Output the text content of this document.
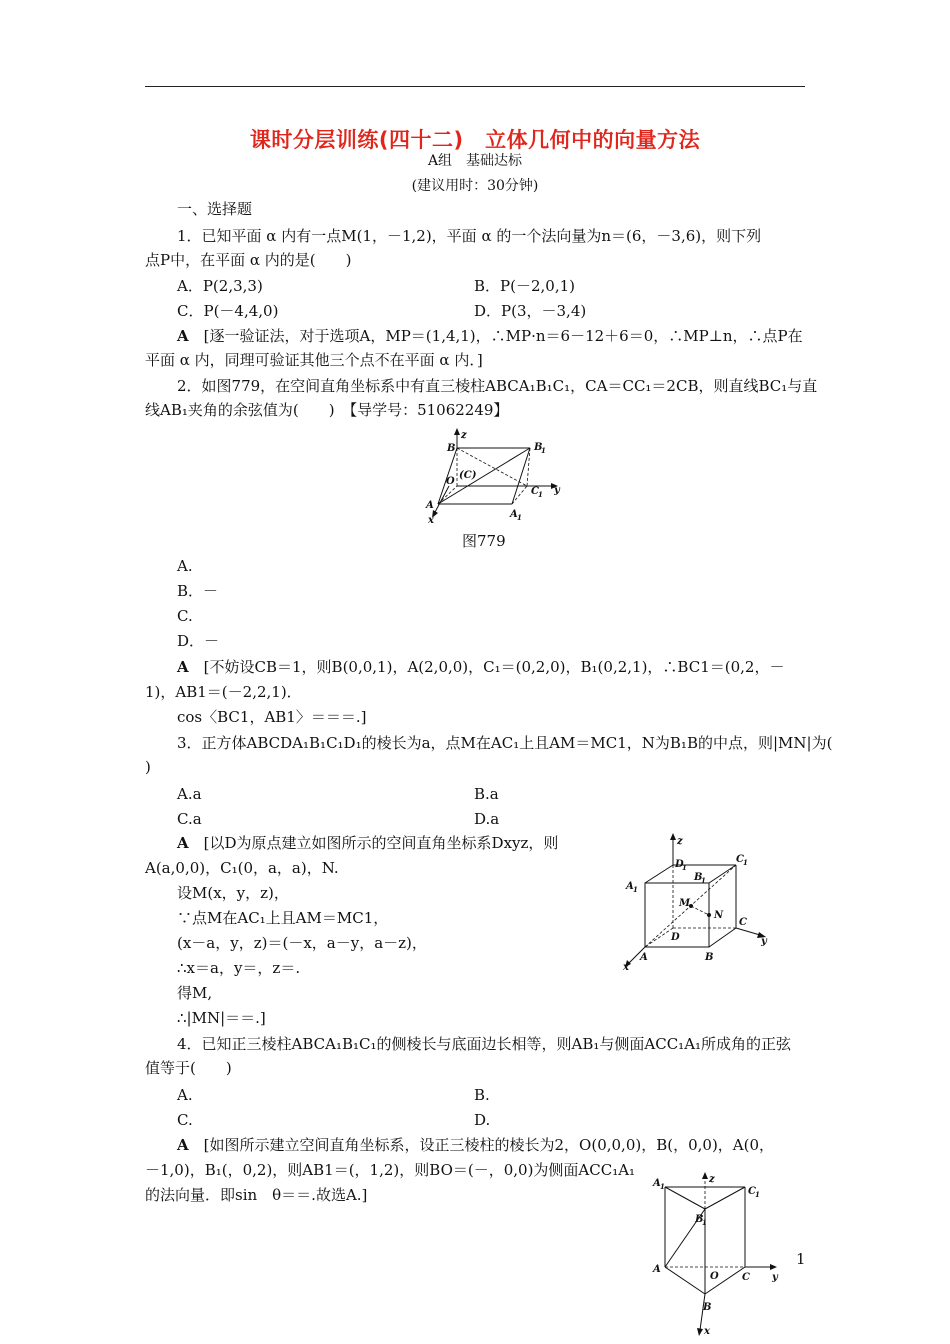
课时分层训练(四十二)　立体几何中的向量方法
A组　基础达标
(建议用时：30分钟)
一、选择题
1．已知平面 α 内有一点M(1，－1,2)，平面 α 的一个法向量为n＝(6，－3,6)，则下列
点P中，在平面 α 内的是(　　)
A．P(2,3,3)	B．P(－2,0,1)
C．P(－4,4,0)	D．P(3，－3,4)
A　 [逐一验证法，对于选项A，MP＝(1,4,1)，∴MP·n＝6－12＋6＝0，∴MP⊥n，∴点P在
平面 α 内，同理可验证其他三个点不在平面 α 内．]
2．如图779，在空间直角坐标系中有直三棱柱ABCA₁B₁C₁，CA＝CC₁＝2CB，则直线BC₁与直
线AB₁夹角的余弦值为(　　)　【导学号：51062249】
B	B
1
z
O
(C)
C 1 y
A
A 1
x
图779
A.
B．－
C.
D．－
A　 [不妨设CB＝1，则B(0,0,1)，A(2,0,0)，C₁＝(0,2,0)，B₁(0,2,1)，∴BC1＝(0,2，－
1)，AB1＝(－2,2,1)．
cos〈BC1，AB1〉＝＝＝.]
3．正方体ABCDA₁B₁C₁D₁的棱长为a，点M在AC₁上且AM＝MC1，N为B₁B的中点，则|MN|为(
)
A.a	B.a
C.a	D.a
A　 [以D为原点建立如图所示的空间直角坐标系Dxyz，则
A(a,0,0)，C₁(0，a，a)，N.
设M(x，y，z)，
∵点M在AC₁上且AM＝MC1，
(x－a，y，z)＝(－x，a－y，a－z)，
∴x＝a，y＝，z＝.
得M,
∴|MN|＝＝.]
z
D
1
C 1
A 1
B
1
M
N
C
D	y
A	B
x
4．已知正三棱柱ABCA₁B₁C₁的侧棱长与底面边长相等，则AB₁与侧面ACC₁A₁所成角的正弦
值等于(　　)
A.	B.
C.	D.
A　 [如图所示建立空间直角坐标系，设正三棱柱的棱长为2，O(0,0,0)，B(，0,0)，A(0，
－1,0)，B₁(，0,2)，则AB1＝(，1,2)，则BO＝(－，0,0)为侧面ACC₁A₁
的法向量．即sin　θ＝＝.故选A.]
z
A 1	C 1
B
1
A
O C y
B
x
1
